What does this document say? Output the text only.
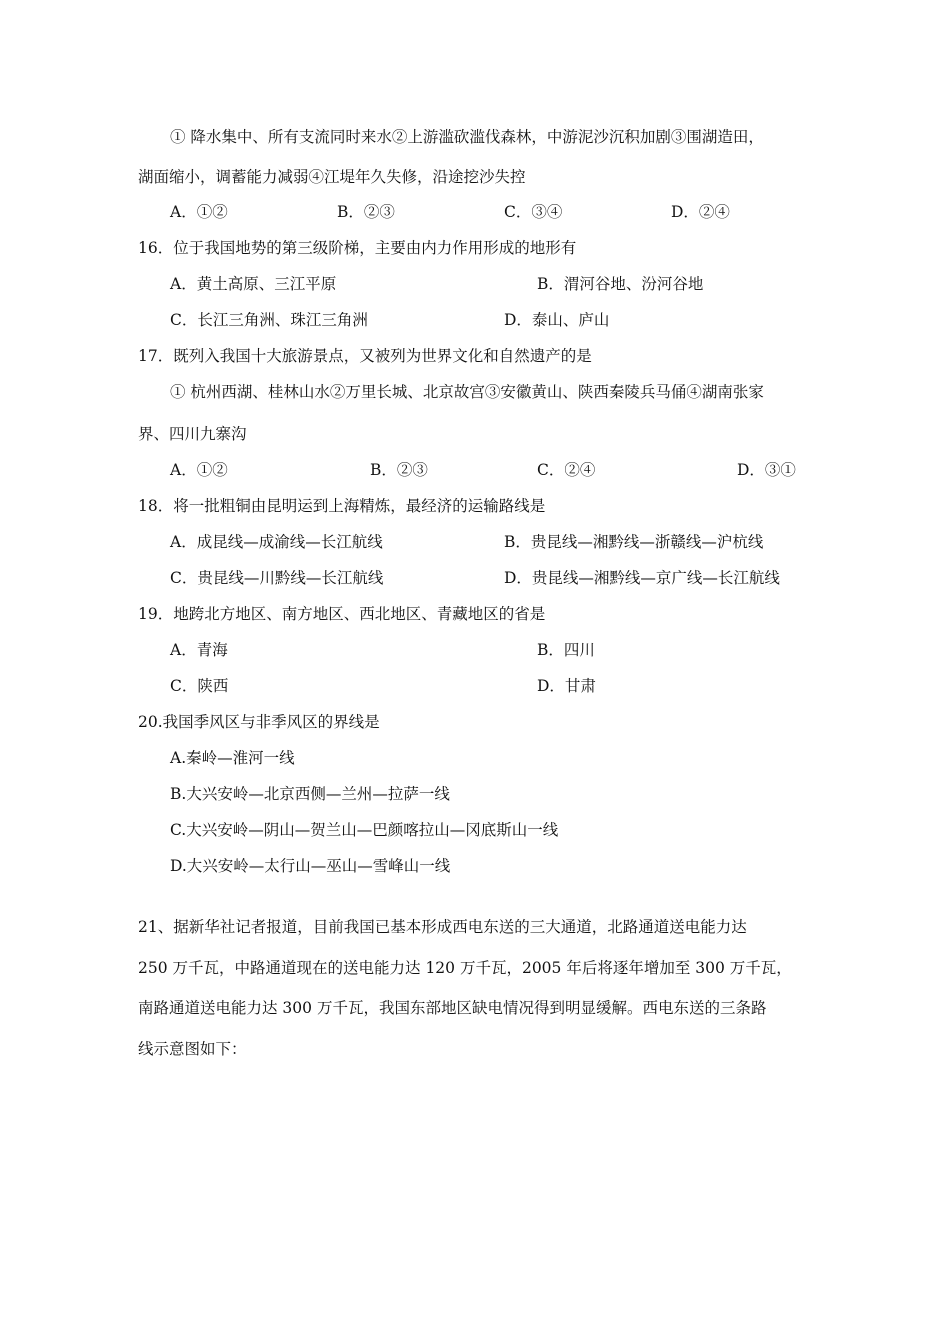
① 降水集中、所有支流同时来水②上游滥砍滥伐森林，中游泥沙沉积加剧③围湖造田，
湖面缩小，调蓄能力减弱④江堤年久失修，沿途挖沙失控
A．①②	B．②③	C．③④	D．②④
16．位于我国地势的第三级阶梯，主要由内力作用形成的地形有
A．黄土高原、三江平原	B．渭河谷地、汾河谷地
C．长江三角洲、珠江三角洲	D．泰山、庐山
17．既列入我国十大旅游景点，又被列为世界文化和自然遗产的是
① 杭州西湖、桂林山水②万里长城、北京故宫③安徽黄山、陕西秦陵兵马俑④湖南张家
界、四川九寨沟
A．①②	B．②③	C．②④	D．③①
18．将一批粗铜由昆明运到上海精炼，最经济的运输路线是
A．成昆线—成渝线—长江航线	B．贵昆线—湘黔线—浙赣线—沪杭线
C．贵昆线—川黔线—长江航线	D．贵昆线—湘黔线—京广线—长江航线
19．地跨北方地区、南方地区、西北地区、青藏地区的省是
A．青海	B．四川
C．陕西	D．甘肃
20.我国季风区与非季风区的界线是
A.秦岭—淮河一线
B.大兴安岭—北京西侧—兰州—拉萨一线
C.大兴安岭—阴山—贺兰山—巴颜喀拉山—冈底斯山一线
D.大兴安岭—太行山—巫山—雪峰山一线
21、据新华社记者报道，目前我国已基本形成西电东送的三大通道，北路通道送电能力达
250 万千瓦，中路通道现在的送电能力达 120 万千瓦，2005 年后将逐年增加至 300 万千瓦，
南路通道送电能力达 300 万千瓦，我国东部地区缺电情况得到明显缓解。西电东送的三条路
线示意图如下：
